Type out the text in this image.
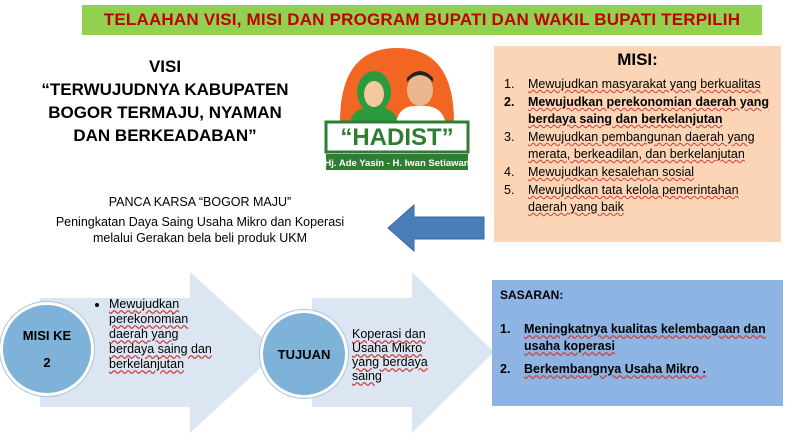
TELAAHAN VISI, MISI DAN PROGRAM BUPATI DAN WAKIL BUPATI TERPILIH
VISI
“TERWUJUDNYA KABUPATEN
BOGOR TERMAJU, NYAMAN
DAN BERKEADABAN”	“HADIST”
Hj. Ade Yasin - H. Iwan Setiawan
MISI:
1. Mewujudkan masyarakat yang berkualitas
2. Mewujudkan perekonomian daerah yang berdaya saing dan berkelanjutan
3. Mewujudkan pembangunan daerah yang merata, berkeadilan, dan berkelanjutan
4. Mewujudkan kesalehan sosial
5. Mewujudkan tata kelola pemerintahan daerah yang baik
PANCA KARSA “BOGOR MAJU”
Peningkatan Daya Saing Usaha Mikro dan Koperasi
melalui Gerakan bela beli produk UKM
MISI KE
2
• Mewujudkan perekonomian daerah yang berdaya saing dan berkelanjutan
TUJUAN
Koperasi dan Usaha Mikro yang berdaya saing
SASARAN:
1. Meningkatnya kualitas kelembagaan dan usaha koperasi
2. Berkembangnya Usaha Mikro .
